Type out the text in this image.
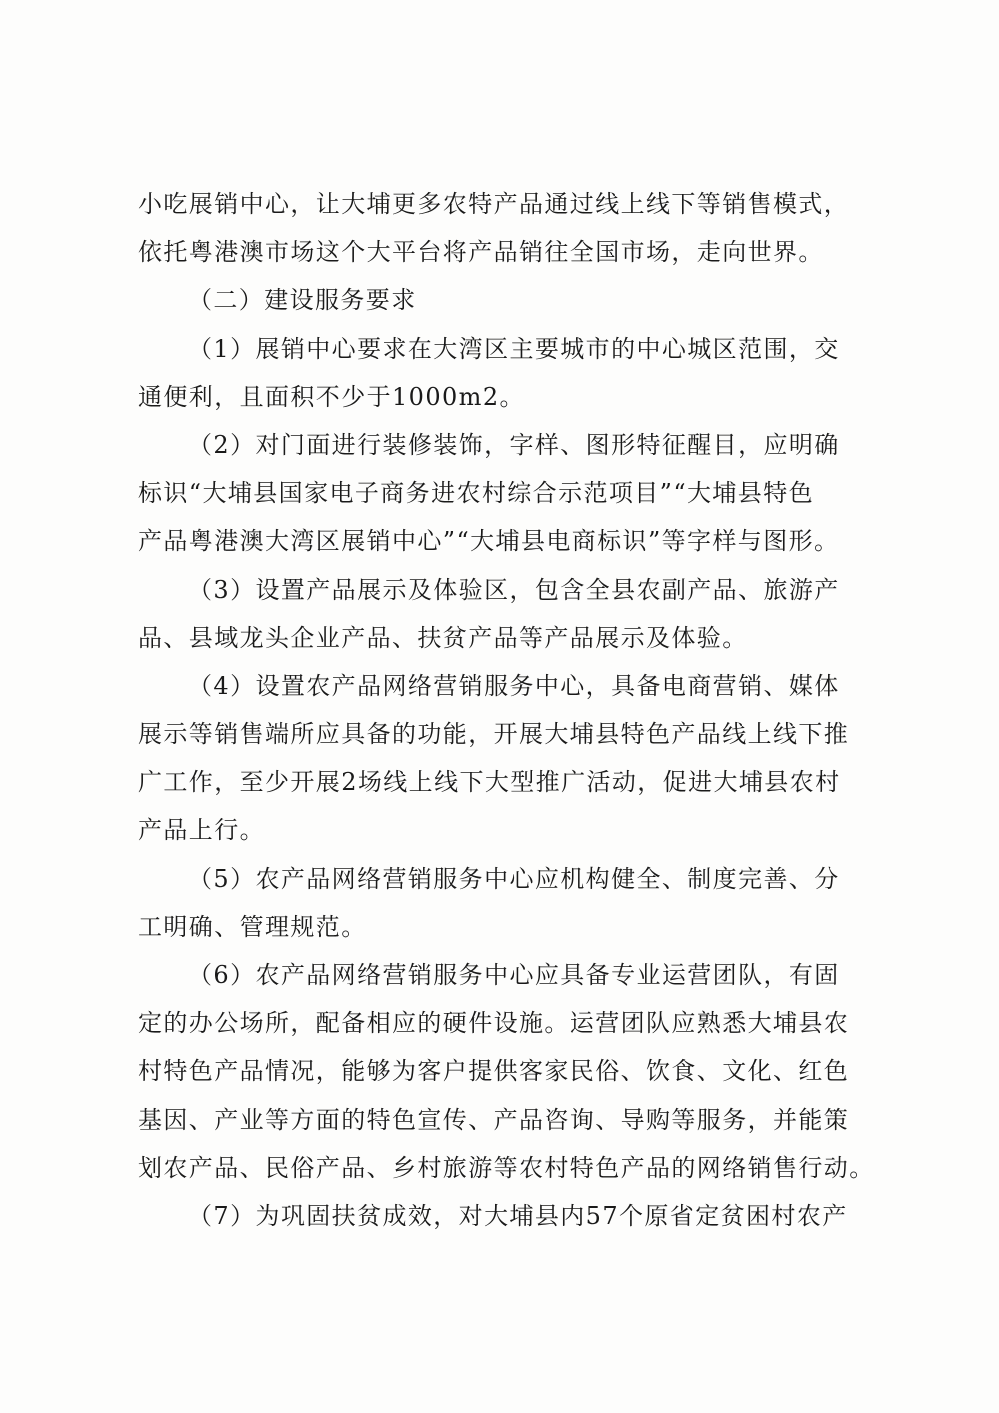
小吃展销中心，让大埔更多农特产品通过线上线下等销售模式，
依托粤港澳市场这个大平台将产品销往全国市场，走向世界。
（二）建设服务要求
（1）展销中心要求在大湾区主要城市的中心城区范围，交
通便利，且面积不少于1000m2。
（2）对门面进行装修装饰，字样、图形特征醒目，应明确
标识“大埔县国家电子商务进农村综合示范项目”“大埔县特色
产品粤港澳大湾区展销中心”“大埔县电商标识”等字样与图形。
（3）设置产品展示及体验区，包含全县农副产品、旅游产
品、县域龙头企业产品、扶贫产品等产品展示及体验。
（4）设置农产品网络营销服务中心，具备电商营销、媒体
展示等销售端所应具备的功能，开展大埔县特色产品线上线下推
广工作，至少开展2场线上线下大型推广活动，促进大埔县农村
产品上行。
（5）农产品网络营销服务中心应机构健全、制度完善、分
工明确、管理规范。
（6）农产品网络营销服务中心应具备专业运营团队，有固
定的办公场所，配备相应的硬件设施。运营团队应熟悉大埔县农
村特色产品情况，能够为客户提供客家民俗、饮食、文化、红色
基因、产业等方面的特色宣传、产品咨询、导购等服务，并能策
划农产品、民俗产品、乡村旅游等农村特色产品的网络销售行动。
（7）为巩固扶贫成效，对大埔县内57个原省定贫困村农产
